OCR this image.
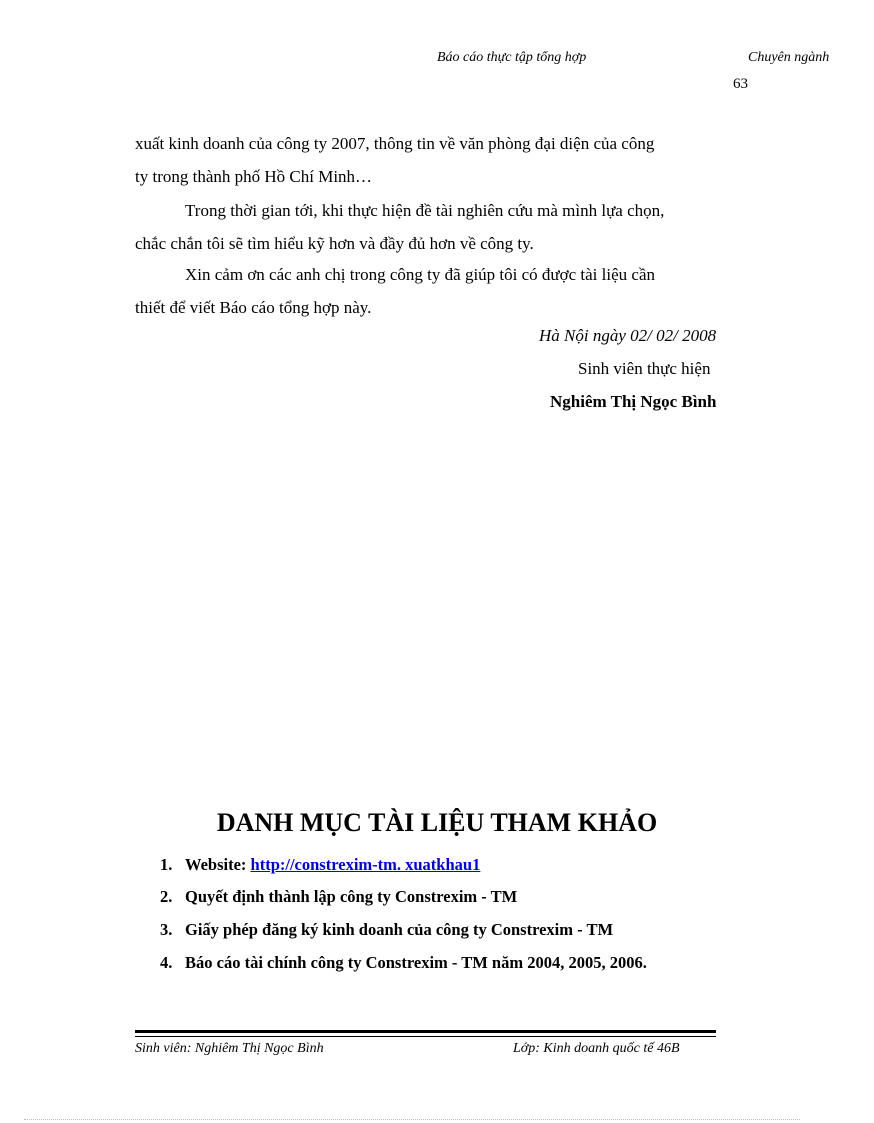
Báo cáo thực tập tổng hợp	Chuyên ngành
63
xuất kinh doanh của công ty 2007, thông tin về văn phòng đại diện của công
ty trong thành phố Hồ Chí Minh…
Trong thời gian tới, khi thực hiện đề tài nghiên cứu mà mình lựa chọn,
chắc chắn tôi sẽ tìm hiểu kỹ hơn và đầy đủ hơn về công ty.
Xin cảm ơn các anh chị trong công ty đã giúp tôi có được tài liệu cần
thiết để viết Báo cáo tổng hợp này.
Hà Nội ngày 02/ 02/ 2008
Sinh viên thực hiện
Nghiêm Thị Ngọc Bình
DANH MỤC TÀI LIỆU THAM KHẢO
1. Website: http://constrexim-tm. xuatkhau1
2. Quyết định thành lập công ty Constrexim - TM
3. Giấy phép đăng ký kinh doanh của công ty Constrexim - TM
4. Báo cáo tài chính công ty Constrexim - TM năm 2004, 2005, 2006.
Sinh viên: Nghiêm Thị Ngọc Bình	Lớp: Kinh doanh quốc tế 46B
